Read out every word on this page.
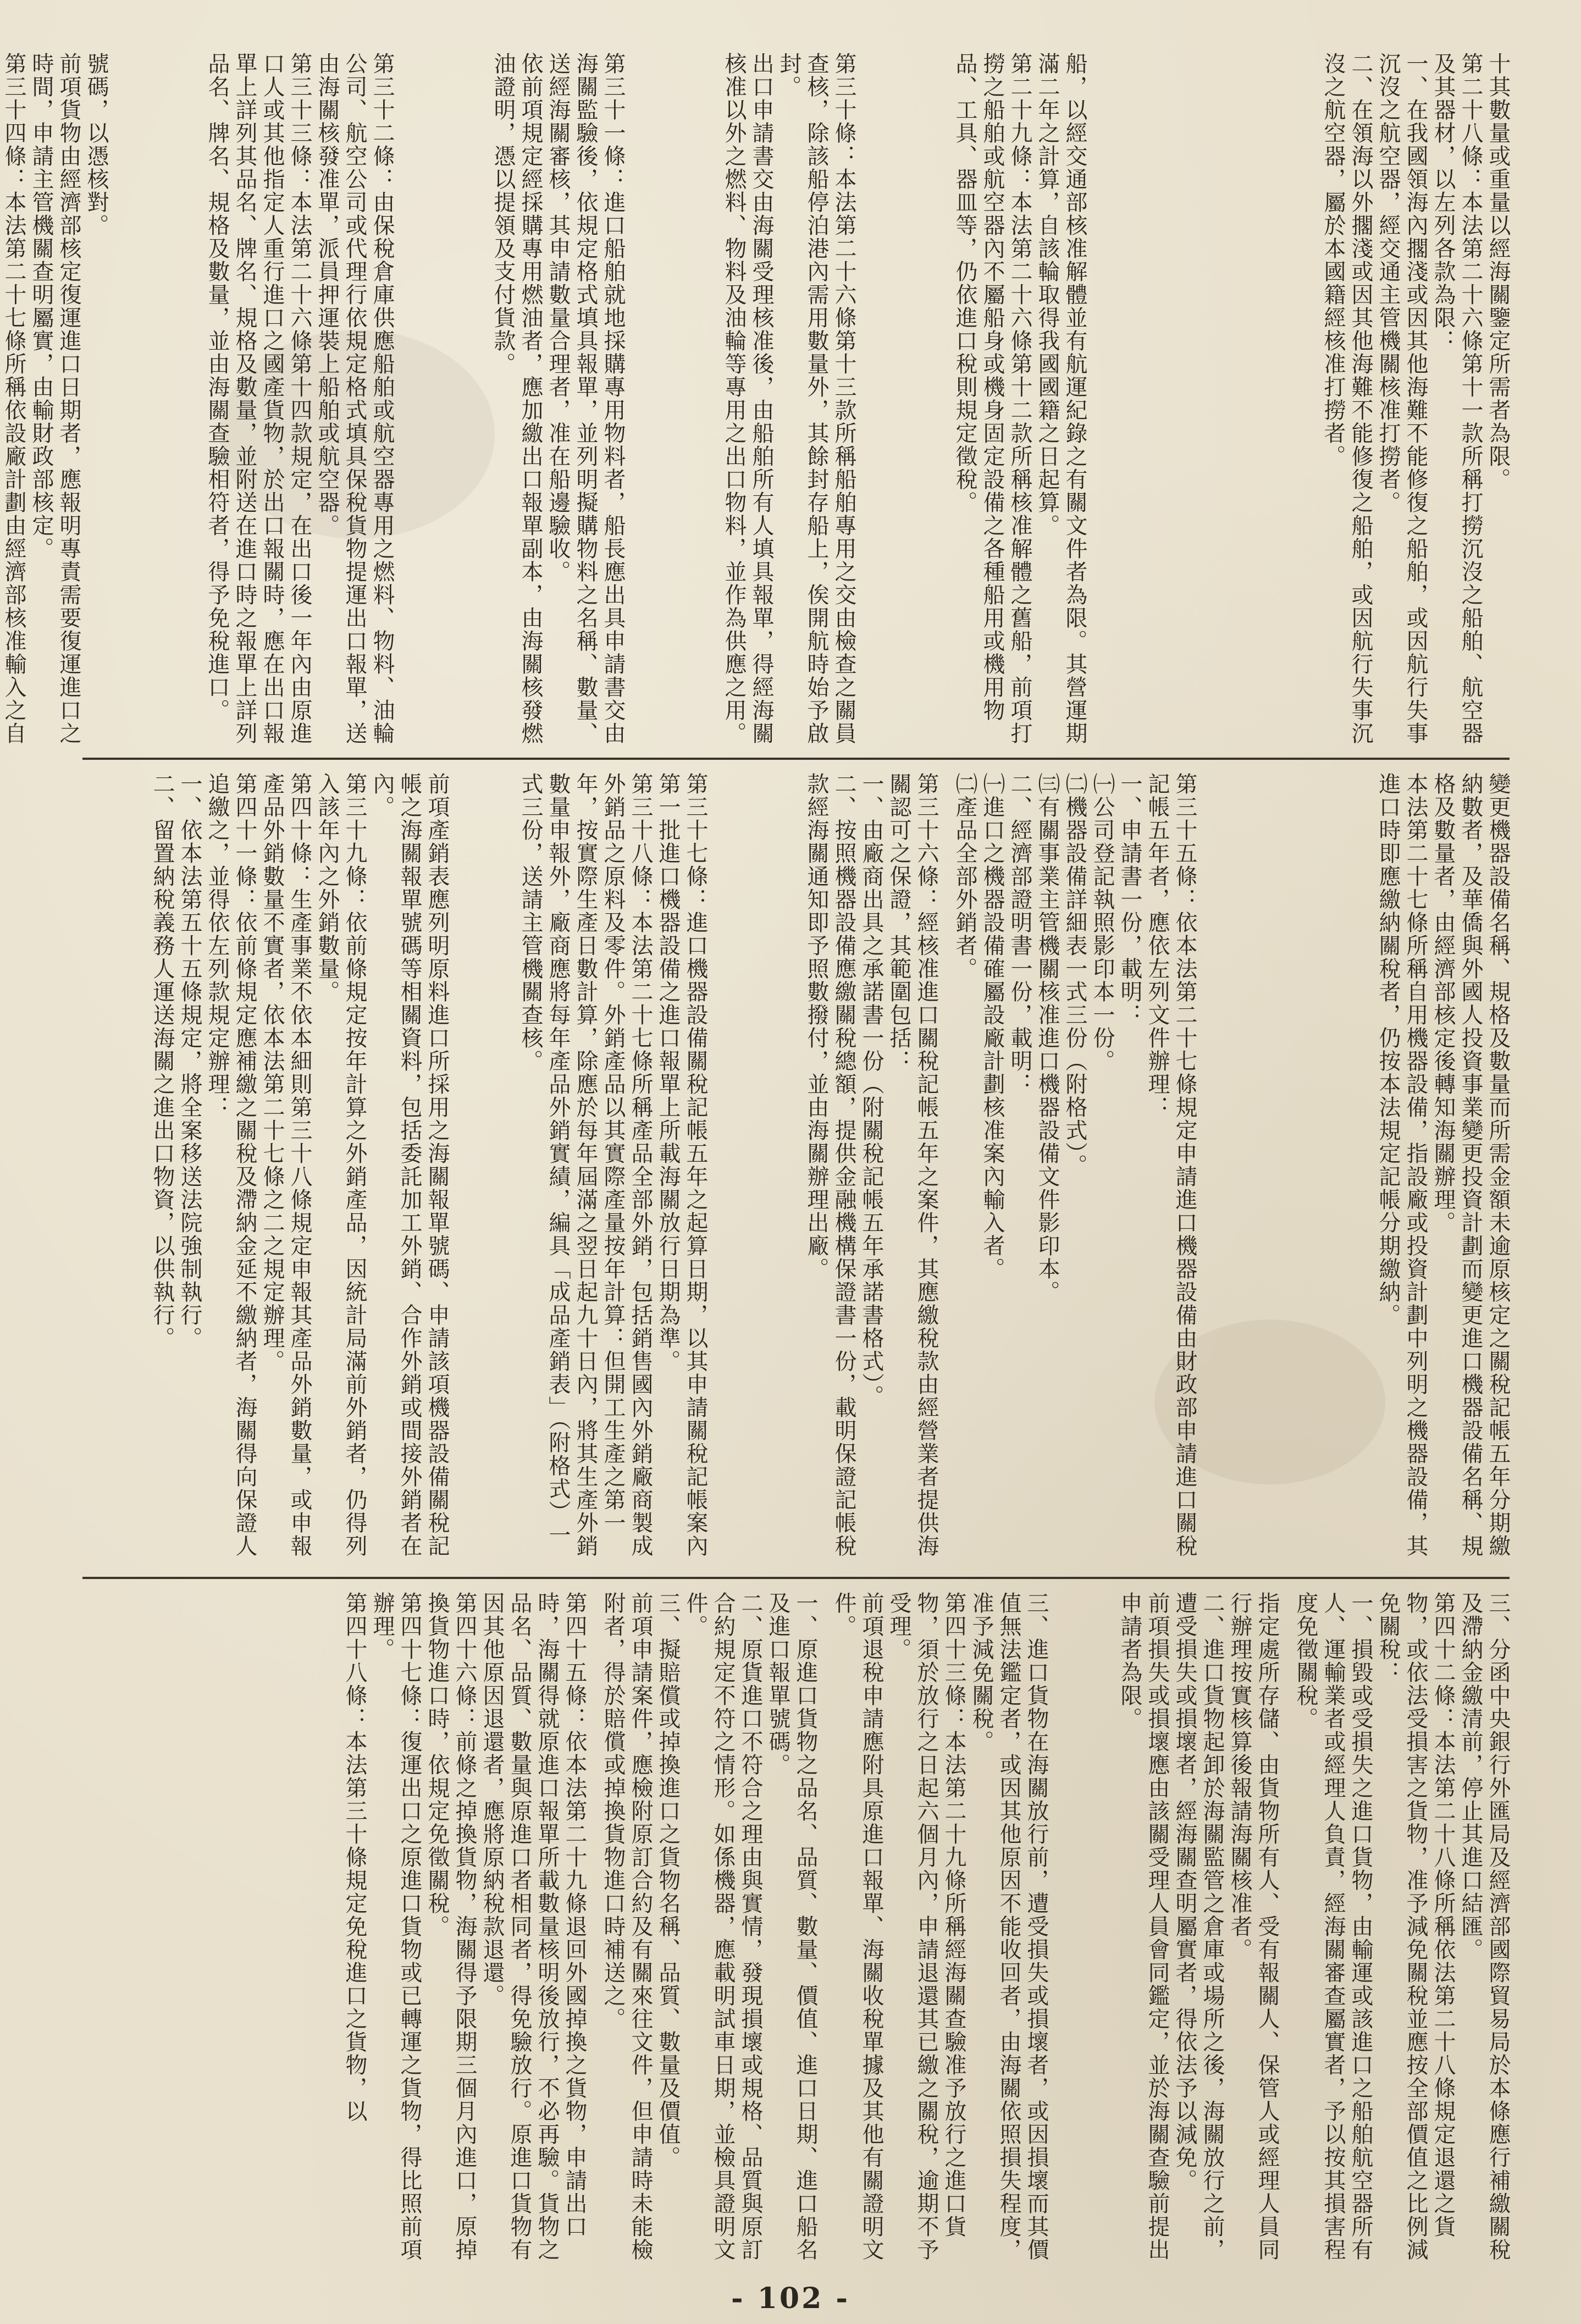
十其數量或重量以經海關鑒定所需者為限。
第二十八條：本法第二十六條第十一款所稱打撈沉沒之船舶、航空器及其器材，以左列各款為限：
一、在我國領海內擱淺或因其他海難不能修復之船舶，或因航行失事沉沒之航空器，經交通主管機關核准打撈者。
二、在領海以外擱淺或因其他海難不能修復之船舶，或因航行失事沉沒之航空器，屬於本國籍經核准打撈者。
船，以經交通部核准解體並有航運紀錄之有關文件者為限。其營運期滿二年之計算，自該輪取得我國國籍之日起算。
第二十九條：本法第二十六條第十二款所稱核准解體之舊船，前項打撈之船舶或航空器內不屬船身或機身固定設備之各種船用或機用物品、工具、器皿等，仍依進口稅則規定徵稅。
第三十條：本法第二十六條第十三款所稱船舶專用之交由檢查之關員查核，除該船停泊港內需用數量外，其餘封存船上，俟開航時始予啟封。
出口申請書交由海關受理核准後，由船舶所有人填具報單，得經海關核准以外之燃料、物料及油輪等專用之出口物料，並作為供應之用。
第三十一條：進口船舶就地採購專用物料者，船長應出具申請書交由海關監驗後，依規定格式填具報單，並列明擬購物料之名稱、數量、送經海關審核，其申請數量合理者，准在船邊驗收。
依前項規定經採購專用燃油者，應加繳出口報單副本，由海關核發燃油證明，憑以提領及支付貨款。
第三十二條：由保稅倉庫供應船舶或航空器專用之燃料、物料、油輪公司、航空公司或代理行依規定格式填具保稅貨物提運出口報單，送由海關核發准單，派員押運裝上船舶或航空器。
第三十三條：本法第二十六條第十四款規定，在出口後一年內由原進口人或其他指定人重行進口之國產貨物，於出口報關時，應在出口報單上詳列其品名、牌名、規格及數量，並附送在進口時之報單上詳列品名、牌名、規格及數量，並由海關查驗相符者，得予免稅進口。
號碼，以憑核對。
前項貨物由經濟部核定復運進口日期者，應報明專責需要復運進口之時間，申請主管機關查明屬實，由輸財政部核定。
第三十四條：本法第二十七條所稱依設廠計劃由經濟部核准輸入之自

變更機器設備名稱、規格及數量而所需金額未逾原核定之關稅記帳五年分期繳納數者，及華僑與外國人投資事業變更投資計劃而變更進口機器設備名稱、規格及數量者，由經濟部核定後轉知海關辦理。
本法第二十七條所稱自用機器設備，指設廠或投資計劃中列明之機器設備，其進口時即應繳納關稅者，仍按本法規定記帳分期繳納。
第三十五條：依本法第二十七條規定申請進口機器設備由財政部申請進口關稅記帳五年者，應依左列文件辦理：
一、申請書一份，載明：
㈠公司登記執照影印本一份。
㈡機器設備詳細表一式三份（附格式）。
㈢有關事業主管機關核准進口機器設備文件影印本。
二、經濟部證明書一份，載明：
㈠進口之機器設備確屬設廠計劃核准案內輸入者。
㈡產品全部外銷者。
第三十六條：經核准進口關稅記帳五年之案件，其應繳稅款由經營業者提供海關認可之保證，其範圍包括：
一、由廠商出具之承諾書一份（附關稅記帳五年承諾書格式）。
二、按照機器設備應繳關稅總額，提供金融機構保證書一份，載明保證記帳稅款經海關通知即予照數撥付，並由海關辦理出廠。
第三十七條：進口機器設備關稅記帳五年之起算日期，以其申請關稅記帳案內第一批進口機器設備之進口報單上所載海關放行日期為準。
第三十八條：本法第二十七條所稱產品全部外銷，包括銷售國內外銷廠商製成外銷品之原料及零件。外銷產品以其實際產量按年計算：但開工生產之第一年，按實際生產日數計算，除應於每年屆滿之翌日起九十日內，將其生產外銷數量申報外，廠商應將每年產品外銷實績，編具「成品產銷表」（附格式）一式三份，送請主管機關查核。
前項產銷表應列明原料進口所採用之海關報單號碼、申請該項機器設備關稅記帳之海關報單號碼等相關資料，包括委託加工外銷、合作外銷或間接外銷者在內。
第三十九條：依前條規定按年計算之外銷產品，因統計局滿前外銷者，仍得列入該年內之外銷數量。
第四十條：生產事業不依本細則第三十八條規定申報其產品外銷數量，或申報產品外銷數量不實者，依本法第二十七條之二之規定辦理。
第四十一條：依前條規定應補繳之關稅及滯納金延不繳納者，海關得向保證人追繳之，並得依左列款規定辦理：
一、依本法第五十五條規定，將全案移送法院強制執行。
二、留置納稅義務人運送海關之進出口物資，以供執行。
三、分函中央銀行外匯局及經濟部國際貿易局於本條應行補繳關稅及滯納金繳清前，停止其進口結匯。
第四十二條：本法第二十八條所稱依法第二十八條規定退還之貨物，或依法受損害之貨物，准予減免關稅並應按全部價值之比例減免關稅：
一、損毀或受損失之進口貨物，由輸運或該進口之船舶航空器所有人、運輸業者或經理人負責，經海關審查屬實者，予以按其損害程度免徵關稅。
指定處所存儲、由貨物所有人、受有報關人、保管人或經理人員同行辦理按實核算後報請海關核准者。
二、進口貨物起卸於海關監管之倉庫或場所之後，海關放行之前，遭受損失或損壞者，經海關查明屬實者，得依法予以減免。
前項損失或損壞應由該關受理人員會同鑑定，並於海關查驗前提出申請者為限。
三、進口貨物在海關放行前，遭受損失或損壞者，或因損壞而其價值無法鑑定者，或因其他原因不能收回者，由海關依照損失程度，准予減免關稅。
第四十三條：本法第二十九條所稱經海關查驗准予放行之進口貨物，須於放行之日起六個月內，申請退還其已繳之關稅，逾期不予受理。
前項退稅申請應附具原進口報單、海關收稅單據及其他有關證明文件。
一、原進口貨物之品名、品質、數量、價值、進口日期、進口船名及進口報單號碼。
二、原貨進口不符合之理由與實情，發現損壞或規格、品質與原訂合約規定不符之情形。如係機器，應載明試車日期，並檢具證明文件。
三、擬賠償或掉換進口之貨物名稱、品質、數量及價值。
前項申請案件，應檢附原訂合約及有關來往文件，但申請時未能檢附者，得於賠償或掉換貨物進口時補送之。
第四十五條：依本法第二十九條退回外國掉換之貨物，申請出口時，海關得就原進口報單所載數量核明後放行，不必再驗。貨物之品名、品質、數量與原進口者相同者，得免驗放行。原進口貨物有因其他原因退還者，應將原納稅款退還。
第四十六條：前條之掉換貨物，海關得予限期三個月內進口，原掉換貨物進口時，依規定免徵關稅。
第四十七條：復運出口之原進口貨物或已轉運之貨物，得比照前項辦理。
第四十八條：本法第三十條規定免稅進口之貨物，以
- 102 -
